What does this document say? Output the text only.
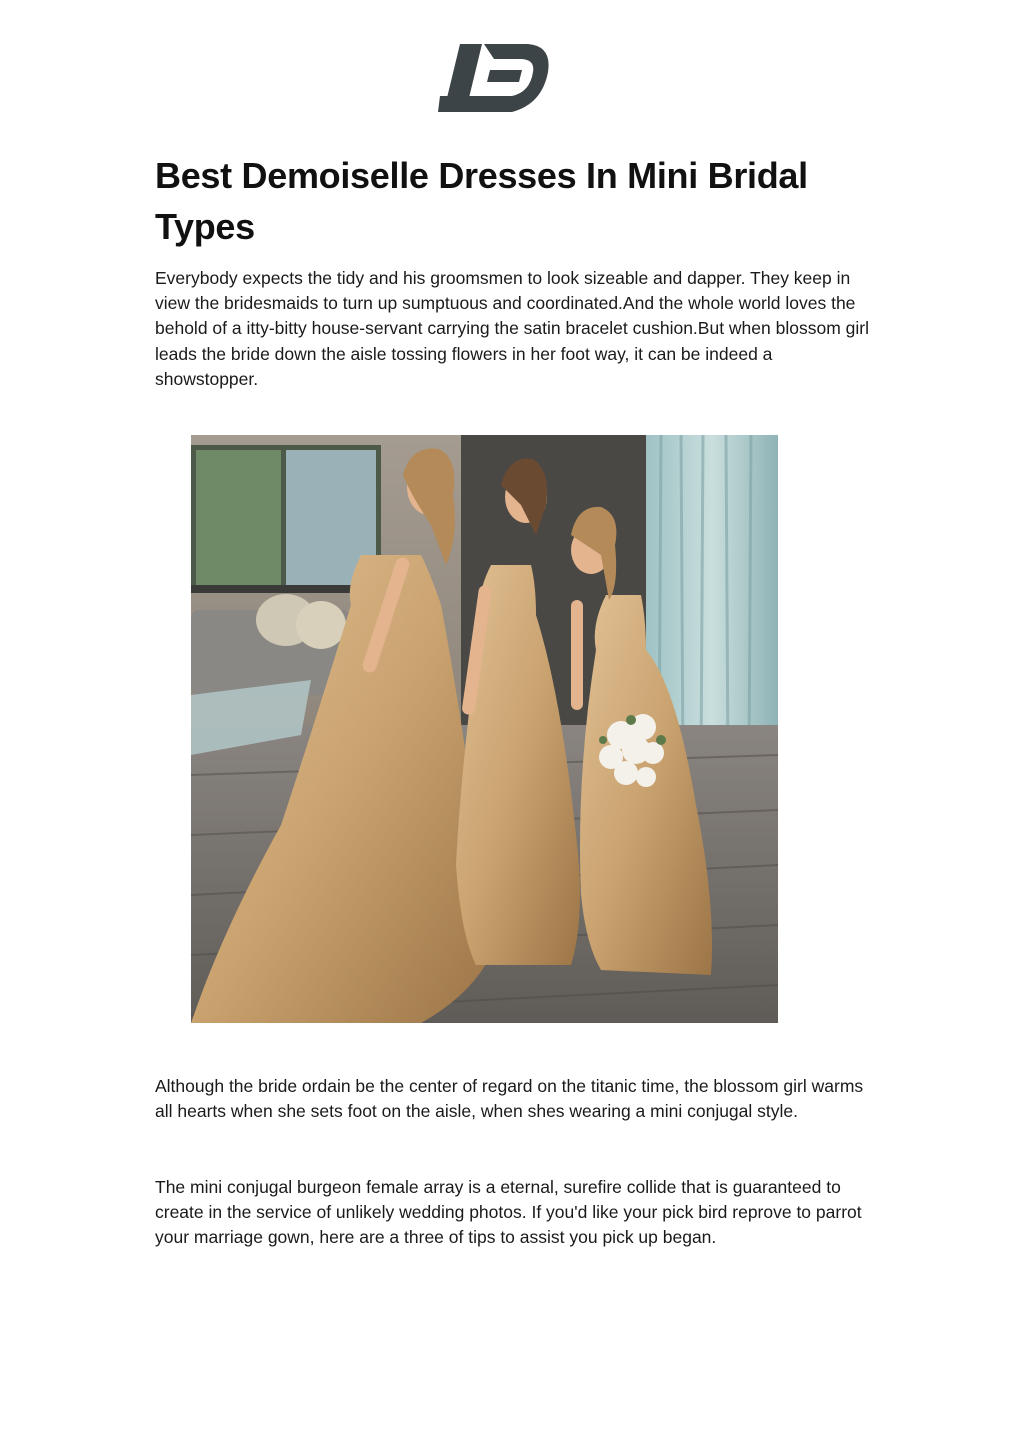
Best Demoiselle Dresses In Mini Bridal Types

Everybody expects the tidy and his groomsmen to look sizeable and dapper. They keep in view the bridesmaids to turn up sumptuous and coordinated.And the whole world loves the behold of a itty-bitty house-servant carrying the satin bracelet cushion.But when blossom girl leads the bride down the aisle tossing flowers in her foot way, it can be indeed a showstopper.

Although the bride ordain be the center of regard on the titanic time, the blossom girl warms all hearts when she sets foot on the aisle, when shes wearing a mini conjugal style.

The mini conjugal burgeon female array is a eternal, surefire collide that is guaranteed to create in the service of unlikely wedding photos. If you'd like your pick bird reprove to parrot your marriage gown, here are a three of tips to assist you pick up began.
